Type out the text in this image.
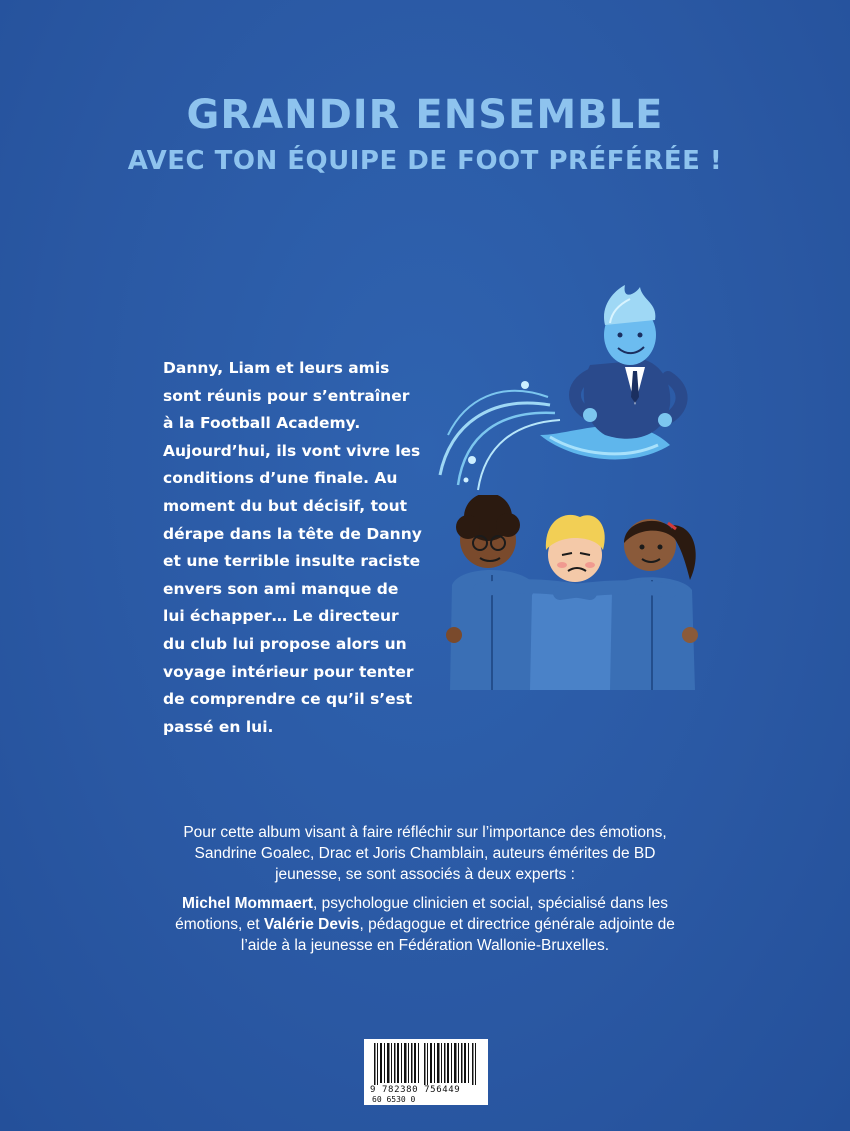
GRANDIR ENSEMBLE
AVEC TON ÉQUIPE DE FOOT PRÉFÉRÉE !
Danny, Liam et leurs amis
sont réunis pour s’entraîner
à la Football Academy.
Aujourd’hui, ils vont vivre les
conditions d’une finale. Au
moment du but décisif, tout
dérape dans la tête de Danny
et une terrible insulte raciste
envers son ami manque de
lui échapper… Le directeur
du club lui propose alors un
voyage intérieur pour tenter
de comprendre ce qu’il s’est
passé en lui.

Pour cette album visant à faire réfléchir sur l’importance des émotions, Sandrine Goalec, Drac et Joris Chamblain, auteurs émérites de BD jeunesse, se sont associés à deux experts :

Michel Mommaert, psychologue clinicien et social, spécialisé dans les émotions, et Valérie Devis, pédagogue et directrice générale adjointe de l’aide à la jeunesse en Fédération Wallonie-Bruxelles.

9 782380 756449
60 6530 0
